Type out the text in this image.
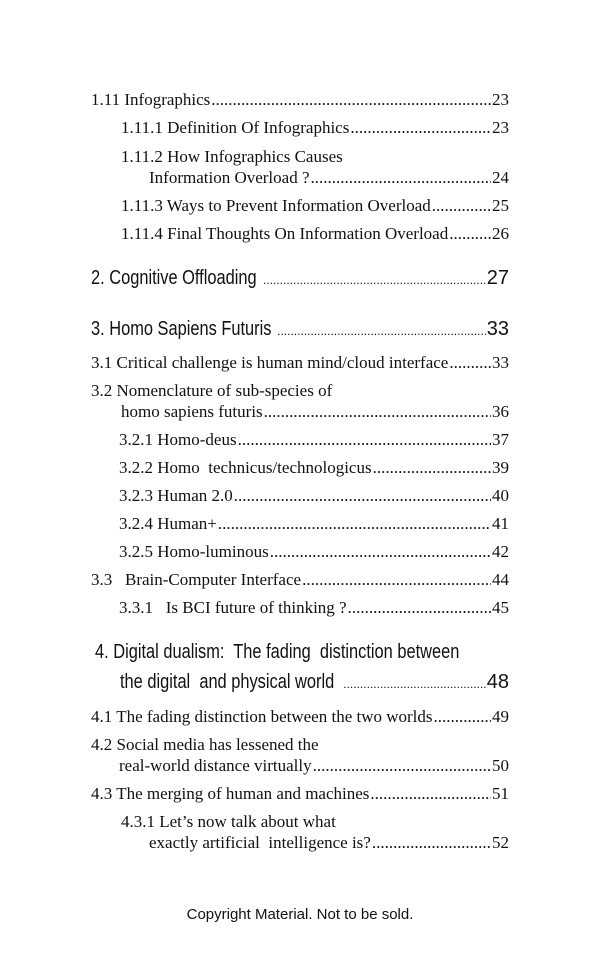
1.11 Infographics .....	23
1.11.1 Definition Of Infographics .....	23
1.11.2 How Infographics Causes
Information Overload ? .....	24
1.11.3 Ways to Prevent Information Overload .....	25
1.11.4 Final Thoughts On Information Overload .....	26
2. Cognitive Offloading .....	27
3. Homo Sapiens Futuris .....	33
3.1 Critical challenge is human mind/cloud interface .....	33
3.2 Nomenclature of sub-species of
homo sapiens futuris .....	36
3.2.1 Homo-deus .....	37
3.2.2 Homo  technicus/technologicus .....	39
3.2.3 Human 2.0 .....	40
3.2.4 Human+ .....	41
3.2.5 Homo-luminous .....	42
3.3   Brain-Computer Interface .....	44
3.3.1   Is BCI future of thinking ? .....	45
4. Digital dualism:  The fading  distinction between
the digital  and physical world .....	48
4.1 The fading distinction between the two worlds .....	49
4.2 Social media has lessened the
real-world distance virtually .....	50
4.3 The merging of human and machines .....	51
4.3.1 Let’s now talk about what
exactly artificial  intelligence is? .....	52
Copyright Material. Not to be sold.
